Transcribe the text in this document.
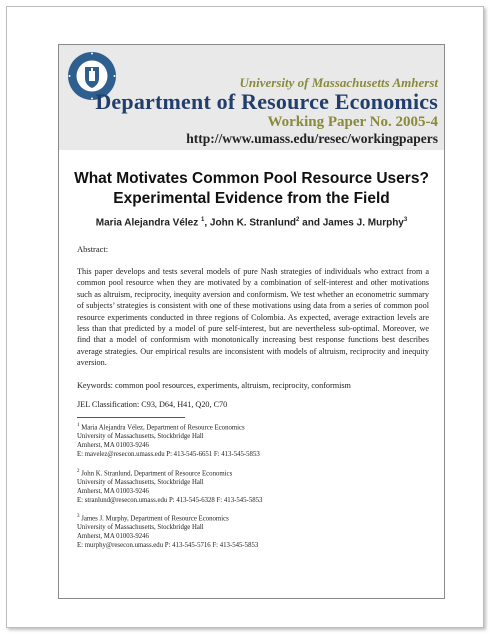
University of Massachusetts Amherst
Department of Resource Economics
Working Paper No. 2005-4
http://www.umass.edu/resec/workingpapers
What Motivates Common Pool Resource Users?
Experimental Evidence from the Field
Maria Alejandra Vélez $^1$, John K. Stranlund$^2$ and James J. Murphy$^3$
Abstract:
This paper develops and tests several models of pure Nash strategies of individuals who extract from a common pool resource when they are motivated by a combination of self-interest and other motivations such as altruism, reciprocity, inequity aversion and conformism. We test whether an econometric summary of subjects’ strategies is consistent with one of these motivations using data from a series of common pool resource experiments conducted in three regions of Colombia. As expected, average extraction levels are less than that predicted by a model of pure self-interest, but are nevertheless sub-optimal. Moreover, we find that a model of conformism with monotonically increasing best response functions best describes average strategies. Our empirical results are inconsistent with models of altruism, reciprocity and inequity aversion.
Keywords: common pool resources, experiments, altruism, reciprocity, conformism
JEL Classification: C93, D64, H41, Q20, C70
$^1$ Maria Alejandra Vélez, Department of Resource Economics
University of Massachusetts, Stockbridge Hall
Amherst, MA 01003-9246
E: mavelez@resecon.umass.edu P: 413-545-6651 F: 413-545-5853
$^2$ John K. Stranlund, Department of Resource Economics
University of Massachusetts, Stockbridge Hall
Amherst, MA 01003-9246
E: stranlund@resecon.umass.edu P: 413-545-6328 F: 413-545-5853
$^3$ James J. Murphy, Department of Resource Economics
University of Massachusetts, Stockbridge Hall
Amherst, MA 01003-9246
E: murphy@resecon.umass.edu P: 413-545-5716 F: 413-545-5853
